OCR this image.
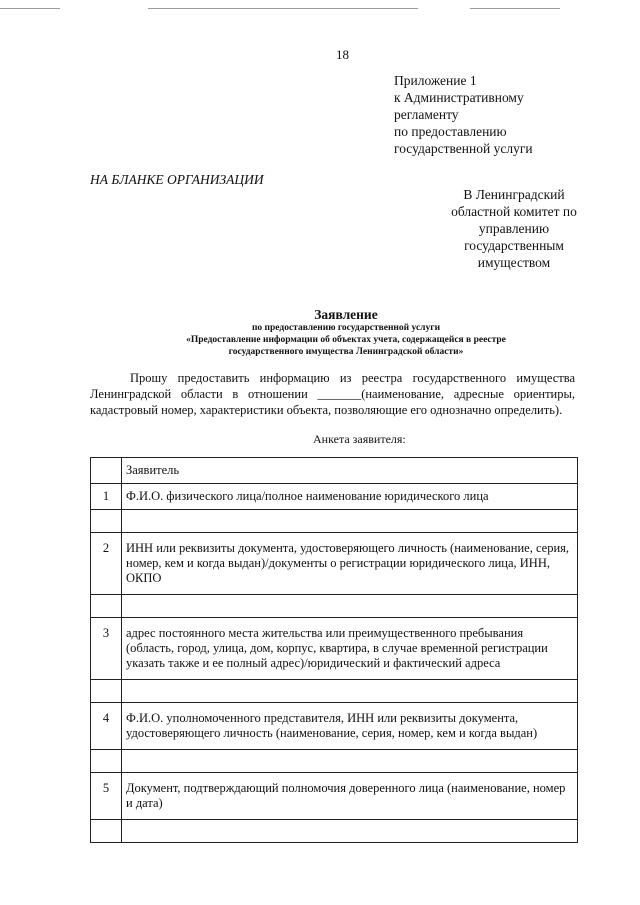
18
Приложение 1
к Административному
регламенту
по предоставлению
государственной услуги
НА БЛАНКЕ ОРГАНИЗАЦИИ
В Ленинградский
областной комитет по
управлению
государственным
имуществом
Заявление
по предоставлению государственной услуги
«Предоставление информации об объектах учета, содержащейся в реестре
государственного имущества Ленинградской области»
Прошу предоставить информацию из реестра государственного имущества Ленинградской области в отношении _______(наименование, адресные ориентиры, кадастровый номер, характеристики объекта, позволяющие его однозначно определить).
Анкета заявителя:
	Заявитель
1	Ф.И.О. физического лица/полное наименование юридического лица

2	ИНН или реквизиты документа, удостоверяющего личность (наименование, серия, номер, кем и когда выдан)/документы о регистрации юридического лица, ИНН, ОКПО

3	адрес постоянного места жительства или преимущественного пребывания (область, город, улица, дом, корпус, квартира, в случае временной регистрации указать также и ее полный адрес)/юридический и фактический адреса

4	Ф.И.О. уполномоченного представителя, ИНН или реквизиты документа, удостоверяющего личность (наименование, серия, номер, кем и когда выдан)

5	Документ, подтверждающий полномочия доверенного лица (наименование, номер и дата)
